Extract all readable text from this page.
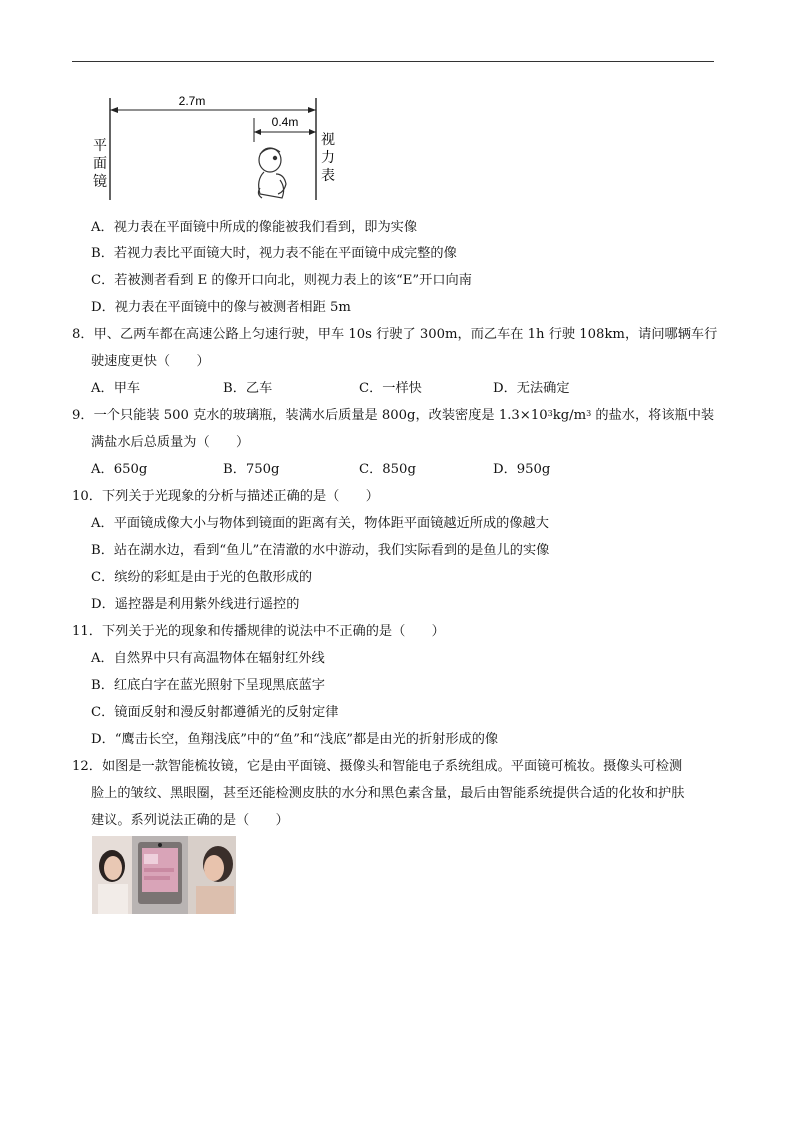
2.7m
0.4m
平
面
镜
视
力
表
A．视力表在平面镜中所成的像能被我们看到，即为实像
B．若视力表比平面镜大时，视力表不能在平面镜中成完整的像
C．若被测者看到 E 的像开口向北，则视力表上的该“E”开口向南
D．视力表在平面镜中的像与被测者相距 5m
8．甲、乙两车都在高速公路上匀速行驶，甲车 10s 行驶了 300m，而乙车在 1h 行驶 108km，请问哪辆车行
驶速度更快（　　）
A．甲车	B．乙车	C．一样快	D．无法确定
9．一个只能装 500 克水的玻璃瓶，装满水后质量是 800g，改装密度是 $1.3\times 10^3kg/m^3$ 的盐水，将该瓶中装
满盐水后总质量为（　　）
A．650g	B．750g	C．850g	D．950g
10．下列关于光现象的分析与描述正确的是（　　）
A．平面镜成像大小与物体到镜面的距离有关，物体距平面镜越近所成的像越大
B．站在湖水边，看到“鱼儿”在清澈的水中游动，我们实际看到的是鱼儿的实像
C．缤纷的彩虹是由于光的色散形成的
D．遥控器是利用紫外线进行遥控的
11．下列关于光的现象和传播规律的说法中不正确的是（　　）
A．自然界中只有高温物体在辐射红外线
B．红底白字在蓝光照射下呈现黑底蓝字
C．镜面反射和漫反射都遵循光的反射定律
D．“鹰击长空，鱼翔浅底”中的“鱼”和“浅底”都是由光的折射形成的像
12．如图是一款智能梳妆镜，它是由平面镜、摄像头和智能电子系统组成。平面镜可梳妆。摄像头可检测
脸上的皱纹、黑眼圈，甚至还能检测皮肤的水分和黑色素含量，最后由智能系统提供合适的化妆和护肤
建议。系列说法正确的是（　　）
